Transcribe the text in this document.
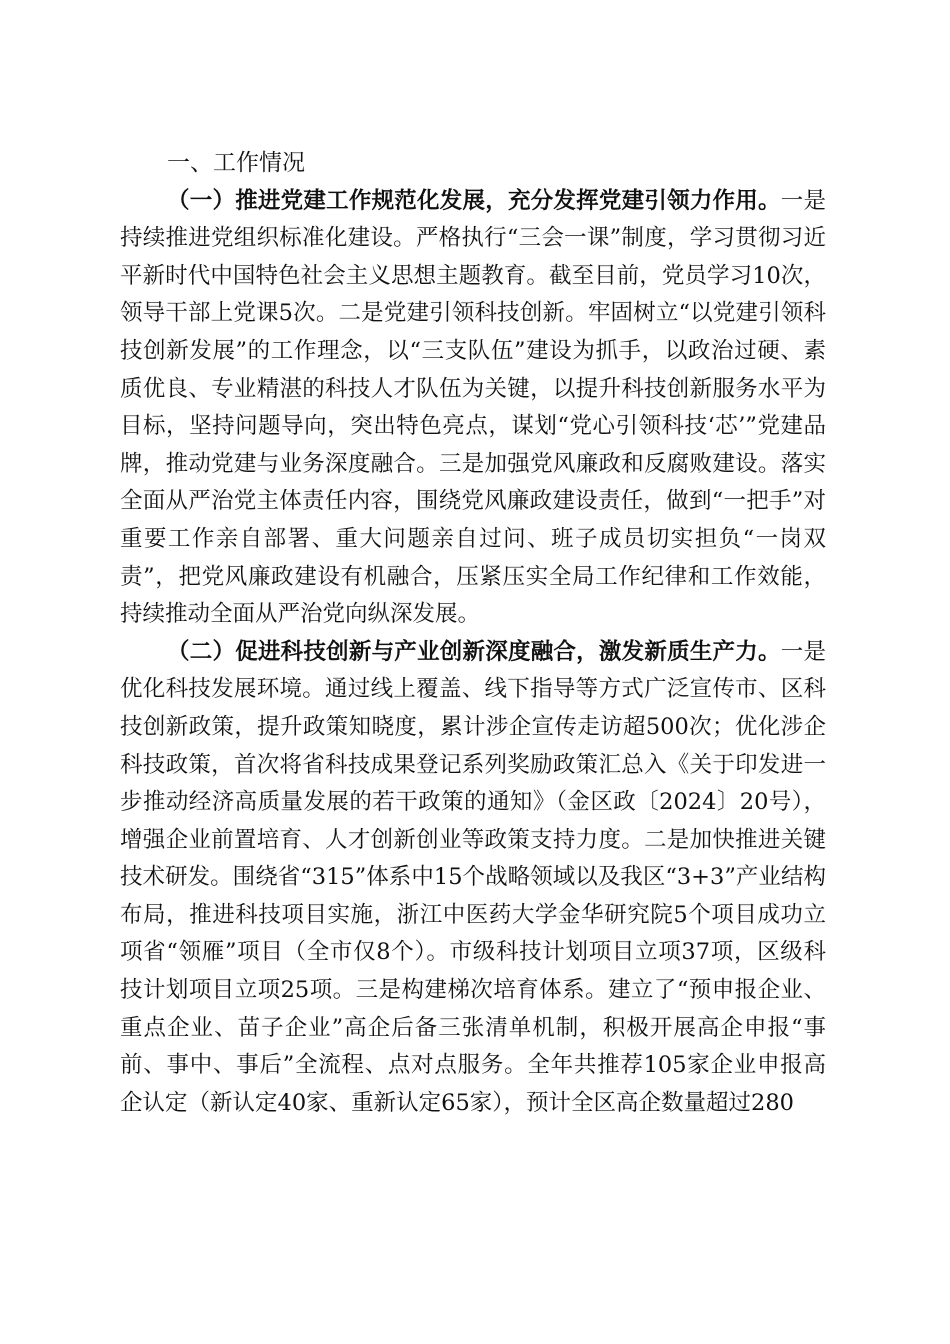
一、工作情况

（一）推进党建工作规范化发展，充分发挥党建引领力作用。一是持续推进党组织标准化建设。严格执行“三会一课”制度，学习贯彻习近平新时代中国特色社会主义思想主题教育。截至目前，党员学习10次，领导干部上党课5次。二是党建引领科技创新。牢固树立“以党建引领科技创新发展”的工作理念，以“三支队伍”建设为抓手，以政治过硬、素质优良、专业精湛的科技人才队伍为关键，以提升科技创新服务水平为目标，坚持问题导向，突出特色亮点，谋划“党心引领科技‘芯’”党建品牌，推动党建与业务深度融合。三是加强党风廉政和反腐败建设。落实全面从严治党主体责任内容，围绕党风廉政建设责任，做到“一把手”对重要工作亲自部署、重大问题亲自过问、班子成员切实担负“一岗双责”，把党风廉政建设有机融合，压紧压实全局工作纪律和工作效能，持续推动全面从严治党向纵深发展。

（二）促进科技创新与产业创新深度融合，激发新质生产力。一是优化科技发展环境。通过线上覆盖、线下指导等方式广泛宣传市、区科技创新政策，提升政策知晓度，累计涉企宣传走访超500次；优化涉企科技政策，首次将省科技成果登记系列奖励政策汇总入《关于印发进一步推动经济高质量发展的若干政策的通知》（金区政〔2024〕20号），增强企业前置培育、人才创新创业等政策支持力度。二是加快推进关键技术研发。围绕省“315”体系中15个战略领域以及我区“3+3”产业结构布局，推进科技项目实施，浙江中医药大学金华研究院5个项目成功立项省“领雁”项目（全市仅8个）。市级科技计划项目立项37项，区级科技计划项目立项25项。三是构建梯次培育体系。建立了“预申报企业、重点企业、苗子企业”高企后备三张清单机制，积极开展高企申报“事前、事中、事后”全流程、点对点服务。全年共推荐105家企业申报高企认定（新认定40家、重新认定65家），预计全区高企数量超过280
